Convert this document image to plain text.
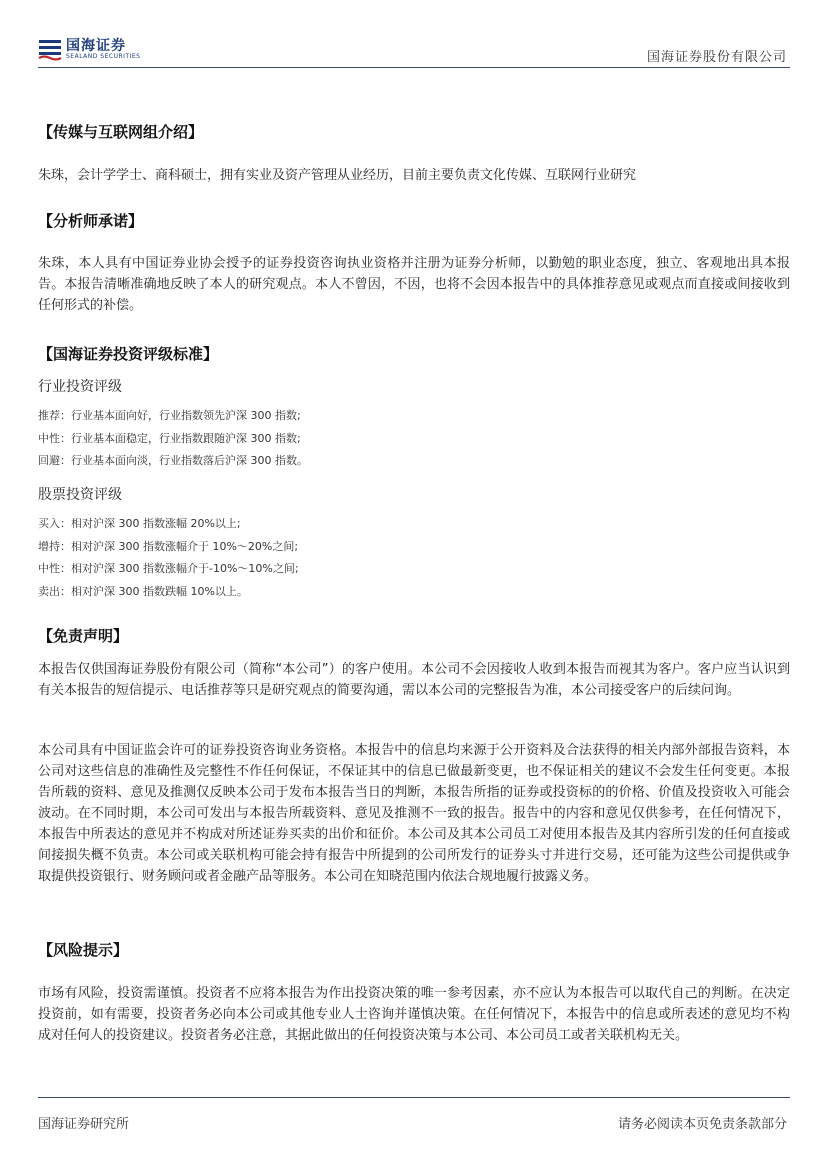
国海证券
SEALAND SECURITIES	国海证券股份有限公司
【传媒与互联网组介绍】
朱珠，会计学学士、商科硕士，拥有实业及资产管理从业经历，目前主要负责文化传媒、互联网行业研究
【分析师承诺】
朱珠，本人具有中国证券业协会授予的证券投资咨询执业资格并注册为证券分析师，以勤勉的职业态度，独立、客观地出具本报告。本报告清晰准确地反映了本人的研究观点。本人不曾因，不因，也将不会因本报告中的具体推荐意见或观点而直接或间接收到任何形式的补偿。
【国海证券投资评级标准】
行业投资评级
推荐：行业基本面向好，行业指数领先沪深 300 指数;
中性：行业基本面稳定，行业指数跟随沪深 300 指数;
回避：行业基本面向淡，行业指数落后沪深 300 指数。
股票投资评级
买入：相对沪深 300 指数涨幅 20%以上;
增持：相对沪深 300 指数涨幅介于 10%～20%之间;
中性：相对沪深 300 指数涨幅介于-10%～10%之间;
卖出：相对沪深 300 指数跌幅 10%以上。
【免责声明】
本报告仅供国海证券股份有限公司（简称“本公司”）的客户使用。本公司不会因接收人收到本报告而视其为客户。客户应当认识到有关本报告的短信提示、电话推荐等只是研究观点的简要沟通，需以本公司的完整报告为准，本公司接受客户的后续问询。
本公司具有中国证监会许可的证券投资咨询业务资格。本报告中的信息均来源于公开资料及合法获得的相关内部外部报告资料，本公司对这些信息的准确性及完整性不作任何保证，不保证其中的信息已做最新变更，也不保证相关的建议不会发生任何变更。本报告所载的资料、意见及推测仅反映本公司于发布本报告当日的判断，本报告所指的证券或投资标的的价格、价值及投资收入可能会波动。在不同时期，本公司可发出与本报告所载资料、意见及推测不一致的报告。报告中的内容和意见仅供参考，在任何情况下，本报告中所表达的意见并不构成对所述证券买卖的出价和征价。本公司及其本公司员工对使用本报告及其内容所引发的任何直接或间接损失概不负责。本公司或关联机构可能会持有报告中所提到的公司所发行的证券头寸并进行交易，还可能为这些公司提供或争取提供投资银行、财务顾问或者金融产品等服务。本公司在知晓范围内依法合规地履行披露义务。
【风险提示】
市场有风险，投资需谨慎。投资者不应将本报告为作出投资决策的唯一参考因素，亦不应认为本报告可以取代自己的判断。在决定投资前，如有需要，投资者务必向本公司或其他专业人士咨询并谨慎决策。在任何情况下，本报告中的信息或所表述的意见均不构成对任何人的投资建议。投资者务必注意，其据此做出的任何投资决策与本公司、本公司员工或者关联机构无关。
国海证券研究所	请务必阅读本页免责条款部分
